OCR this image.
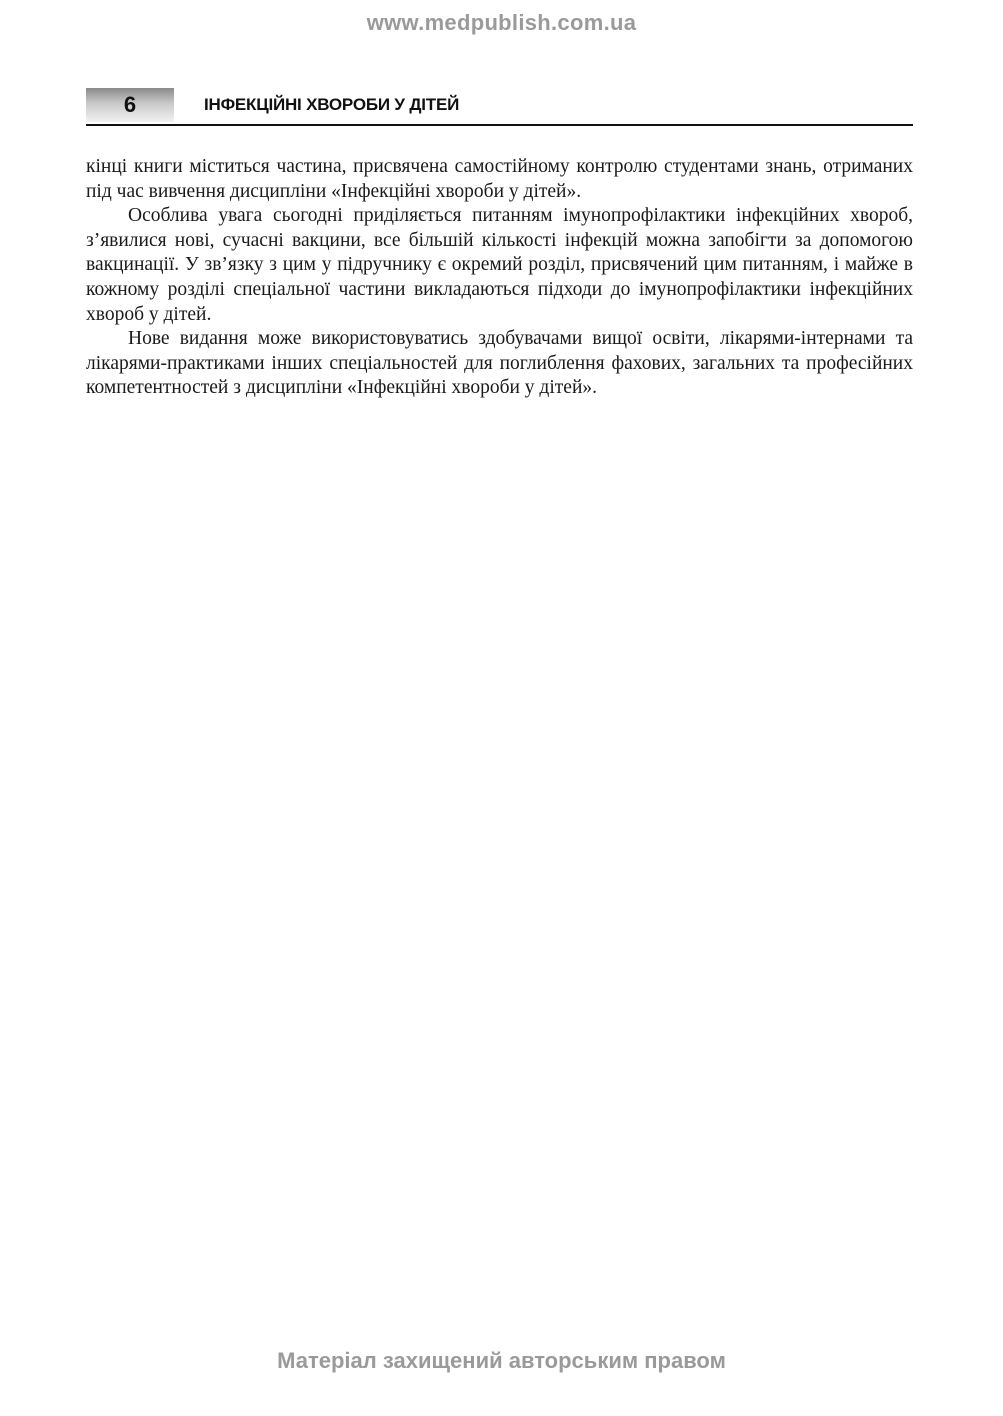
www.medpublish.com.ua
6	ІНФЕКЦІЙНІ ХВОРОБИ У ДІТЕЙ

кінці книги міститься частина, присвячена самостійному контролю студентами знань, отриманих під час вивчення дисципліни «Інфекційні хвороби у дітей».

Особлива увага сьогодні приділяється питанням імунопрофілактики інфекційних хвороб, з’явилися нові, сучасні вакцини, все більшій кількості інфекцій можна запобігти за допомогою вакцинації. У зв’язку з цим у підручнику є окремий розділ, присвячений цим питанням, і майже в кожному розділі спеціальної частини викладаються підходи до імунопрофілактики інфекційних хвороб у дітей.

Нове видання може використовуватись здобувачами вищої освіти, лікарями-інтернами та лікарями-практиками інших спеціальностей для поглиблення фахових, загальних та професійних компетентностей з дисципліни «Інфекційні хвороби у дітей».

Матеріал захищений авторським правом
